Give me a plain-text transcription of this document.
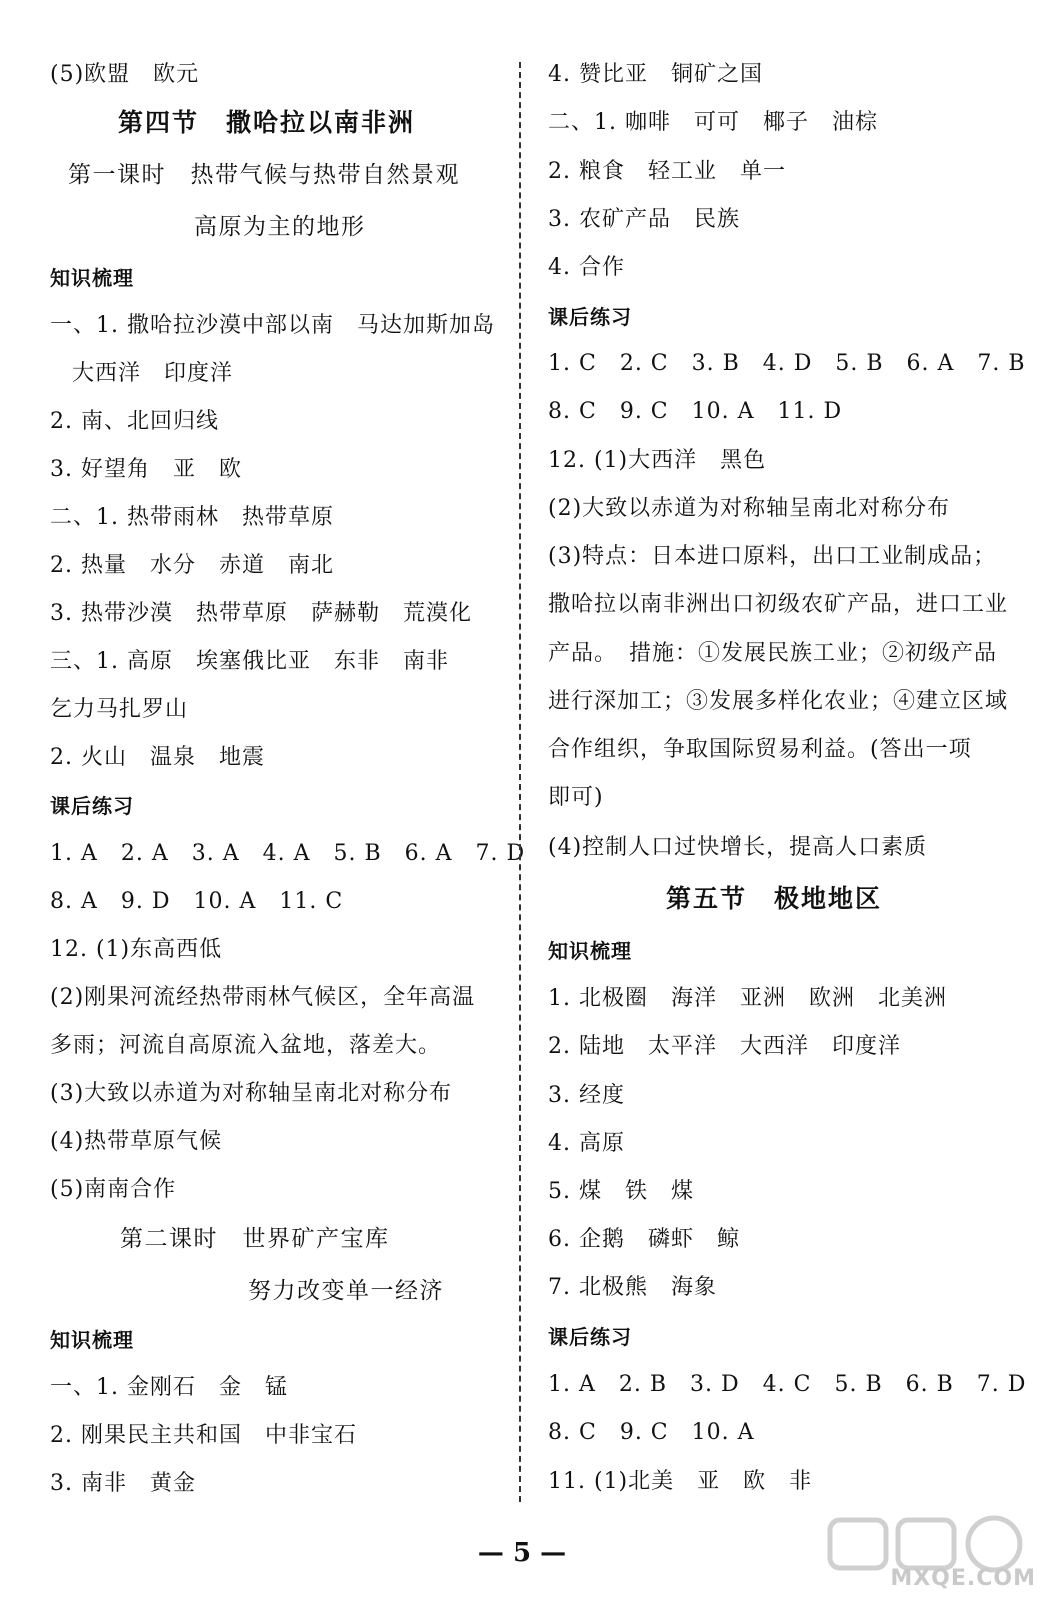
(5)欧盟　欧元
第四节　撒哈拉以南非洲
第一课时　热带气候与热带自然景观
高原为主的地形
知识梳理
一、1. 撒哈拉沙漠中部以南　马达加斯加岛
大西洋　印度洋
2. 南、北回归线
3. 好望角　亚　欧
二、1. 热带雨林　热带草原
2. 热量　水分　赤道　南北
3. 热带沙漠　热带草原　萨赫勒　荒漠化
三、1. 高原　埃塞俄比亚　东非　南非
乞力马扎罗山
2. 火山　温泉　地震
课后练习
1. A　2. A　3. A　4. A　5. B　6. A　7. D
8. A　9. D　10. A　11. C
12. (1)东高西低
(2)刚果河流经热带雨林气候区，全年高温
多雨；河流自高原流入盆地，落差大。
(3)大致以赤道为对称轴呈南北对称分布
(4)热带草原气候
(5)南南合作
第二课时　世界矿产宝库
努力改变单一经济
知识梳理
一、1. 金刚石　金　锰
2. 刚果民主共和国　中非宝石
3. 南非　黄金
4. 赞比亚　铜矿之国
二、1. 咖啡　可可　椰子　油棕
2. 粮食　轻工业　单一
3. 农矿产品　民族
4. 合作
课后练习
1. C　2. C　3. B　4. D　5. B　6. A　7. B
8. C　9. C　10. A　11. D
12. (1)大西洋　黑色
(2)大致以赤道为对称轴呈南北对称分布
(3)特点：日本进口原料，出口工业制成品；
撒哈拉以南非洲出口初级农矿产品，进口工业
产品。　措施：①发展民族工业；②初级产品
进行深加工；③发展多样化农业；④建立区域
合作组织，争取国际贸易利益。(答出一项
即可)
(4)控制人口过快增长，提高人口素质
第五节　极地地区
知识梳理
1. 北极圈　海洋　亚洲　欧洲　北美洲
2. 陆地　太平洋　大西洋　印度洋
3. 经度
4. 高原
5. 煤　铁　煤
6. 企鹅　磷虾　鲸
7. 北极熊　海象
课后练习
1. A　2. B　3. D　4. C　5. B　6. B　7. D
8. C　9. C　10. A
11. (1)北美　亚　欧　非
— 5 —
MXQE.COM
